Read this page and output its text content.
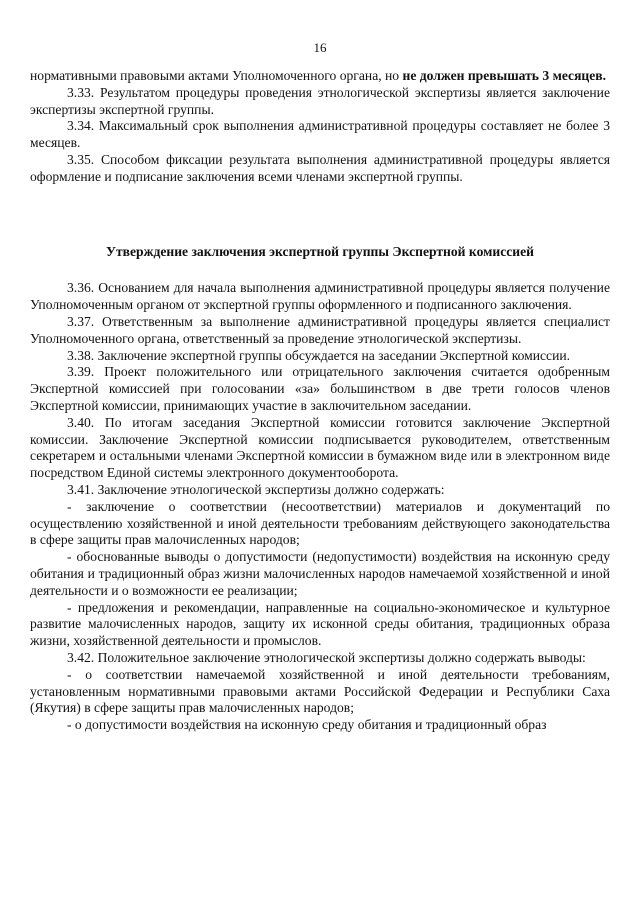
16

нормативными правовыми актами Уполномоченного органа, но не должен превышать 3 месяцев.

3.33. Результатом процедуры проведения этнологической экспертизы является заключение экспертизы экспертной группы.

3.34. Максимальный срок выполнения административной процедуры составляет не более 3 месяцев.

3.35. Способом фиксации результата выполнения административной процедуры является оформление и подписание заключения всеми членами экспертной группы.

Утверждение заключения экспертной группы Экспертной комиссией

3.36. Основанием для начала выполнения административной процедуры является получение Уполномоченным органом от экспертной группы оформленного и подписанного заключения.

3.37. Ответственным за выполнение административной процедуры является специалист Уполномоченного органа, ответственный за проведение этнологической экспертизы.

3.38. Заключение экспертной группы обсуждается на заседании Экспертной комиссии.

3.39. Проект положительного или отрицательного заключения считается одобренным Экспертной комиссией при голосовании «за» большинством в две трети голосов членов Экспертной комиссии, принимающих участие в заключительном заседании.

3.40. По итогам заседания Экспертной комиссии готовится заключение Экспертной комиссии. Заключение Экспертной комиссии подписывается руководителем, ответственным секретарем и остальными членами Экспертной комиссии в бумажном виде или в электронном виде посредством Единой системы электронного документооборота.

3.41. Заключение этнологической экспертизы должно содержать:

- заключение о соответствии (несоответствии) материалов и документаций по осуществлению хозяйственной и иной деятельности требованиям действующего законодательства в сфере защиты прав малочисленных народов;

- обоснованные выводы о допустимости (недопустимости) воздействия на исконную среду обитания и традиционный образ жизни малочисленных народов намечаемой хозяйственной и иной деятельности и о возможности ее реализации;

- предложения и рекомендации, направленные на социально-экономическое и культурное развитие малочисленных народов, защиту их исконной среды обитания, традиционных образа жизни, хозяйственной деятельности и промыслов.

3.42. Положительное заключение этнологической экспертизы должно содержать выводы:

- о соответствии намечаемой хозяйственной и иной деятельности требованиям, установленным нормативными правовыми актами Российской Федерации и Республики Саха (Якутия) в сфере защиты прав малочисленных народов;

- о допустимости воздействия на исконную среду обитания и традиционный образ
